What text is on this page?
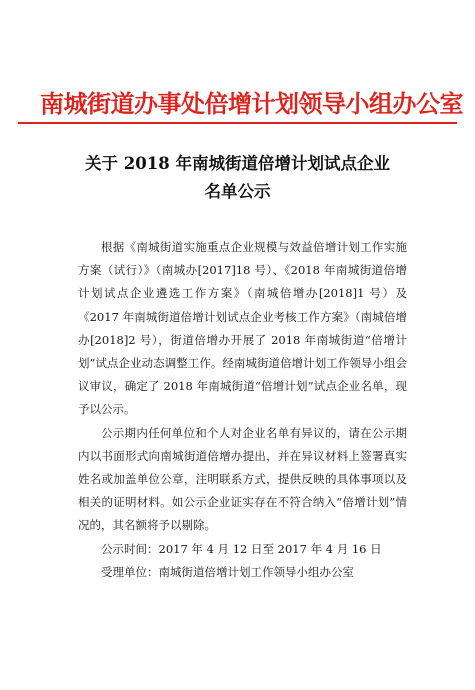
南城街道办事处倍增计划领导小组办公室
关于 2018 年南城街道倍增计划试点企业
名单公示

根据《南城街道实施重点企业规模与效益倍增计划工作实施方案（试行）》（南城办[2017]18 号）、《2018 年南城街道倍增计划试点企业遴选工作方案》（南城倍增办[2018]1 号）及《2017 年南城街道倍增计划试点企业考核工作方案》（南城倍增办[2018]2 号），街道倍增办开展了 2018 年南城街道“倍增计划”试点企业动态调整工作。经南城街道倍增计划工作领导小组会议审议，确定了 2018 年南城街道“倍增计划”试点企业名单，现予以公示。

公示期内任何单位和个人对企业名单有异议的，请在公示期内以书面形式向南城街道倍增办提出，并在异议材料上签署真实姓名或加盖单位公章，注明联系方式，提供反映的具体事项以及相关的证明材料。如公示企业证实存在不符合纳入“倍增计划”情况的，其名额将予以剔除。

公示时间：2017 年 4 月 12 日至 2017 年 4 月 16 日

受理单位：南城街道倍增计划工作领导小组办公室
